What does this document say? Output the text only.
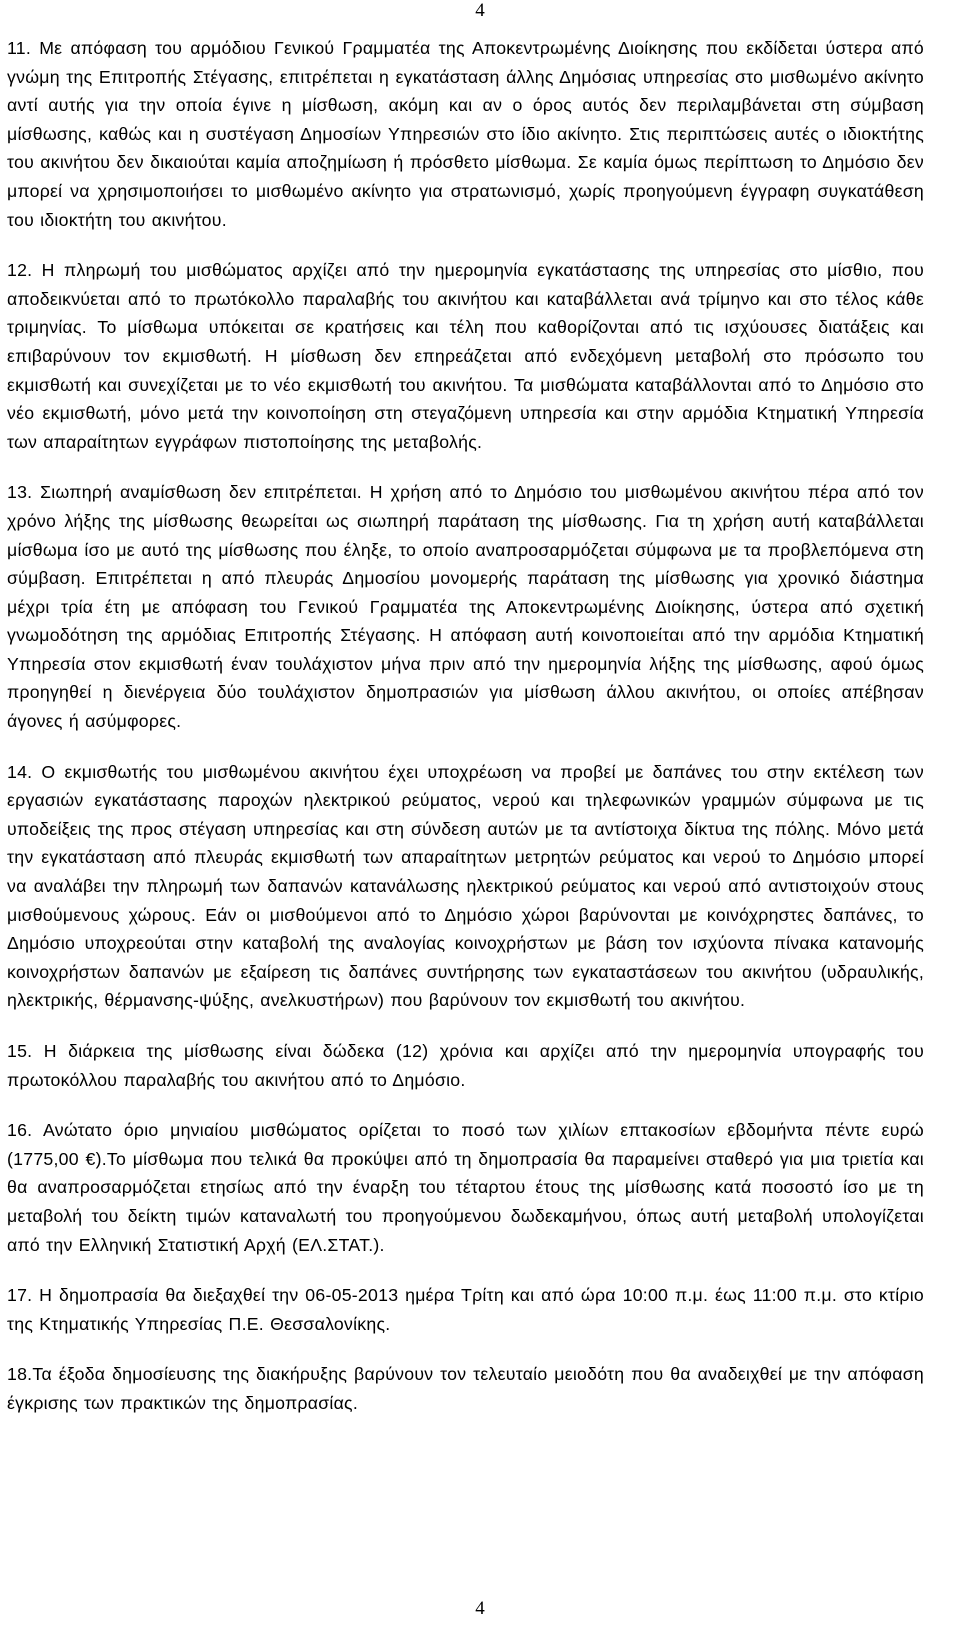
4

11. Με απόφαση του αρμόδιου Γενικού Γραμματέα της Αποκεντρωμένης Διοίκησης που εκδίδεται ύστερα από γνώμη της Επιτροπής Στέγασης, επιτρέπεται η εγκατάσταση άλλης Δημόσιας υπηρεσίας στο μισθωμένο ακίνητο αντί αυτής για την οποία έγινε η μίσθωση, ακόμη και αν ο όρος αυτός δεν περιλαμβάνεται στη σύμβαση μίσθωσης, καθώς και η συστέγαση Δημοσίων Υπηρεσιών στο ίδιο ακίνητο. Στις περιπτώσεις αυτές ο ιδιοκτήτης του ακινήτου δεν δικαιούται καμία αποζημίωση ή πρόσθετο μίσθωμα. Σε καμία όμως περίπτωση το Δημόσιο δεν μπορεί να χρησιμοποιήσει το μισθωμένο ακίνητο για στρατωνισμό, χωρίς προηγούμενη έγγραφη συγκατάθεση του ιδιοκτήτη του ακινήτου.

12. Η πληρωμή του μισθώματος αρχίζει από την ημερομηνία εγκατάστασης της υπηρεσίας στο μίσθιο, που αποδεικνύεται από το πρωτόκολλο παραλαβής του ακινήτου και καταβάλλεται ανά τρίμηνο και στο τέλος κάθε τριμηνίας. Το μίσθωμα υπόκειται σε κρατήσεις και τέλη που καθορίζονται από τις ισχύουσες διατάξεις και επιβαρύνουν τον εκμισθωτή. Η μίσθωση δεν επηρεάζεται από ενδεχόμενη μεταβολή στο πρόσωπο του εκμισθωτή και συνεχίζεται με το νέο εκμισθωτή του ακινήτου. Τα μισθώματα καταβάλλονται από το Δημόσιο στο νέο εκμισθωτή, μόνο μετά την κοινοποίηση στη στεγαζόμενη υπηρεσία και στην αρμόδια Κτηματική Υπηρεσία των απαραίτητων εγγράφων πιστοποίησης της μεταβολής.

13. Σιωπηρή αναμίσθωση δεν επιτρέπεται. Η χρήση από το Δημόσιο του μισθωμένου ακινήτου πέρα από τον χρόνο λήξης της μίσθωσης θεωρείται ως σιωπηρή παράταση της μίσθωσης. Για τη χρήση αυτή καταβάλλεται μίσθωμα ίσο με αυτό της μίσθωσης που έληξε, το οποίο αναπροσαρμόζεται σύμφωνα με τα προβλεπόμενα στη σύμβαση. Επιτρέπεται η από πλευράς Δημοσίου μονομερής παράταση της μίσθωσης για χρονικό διάστημα μέχρι τρία έτη με απόφαση του Γενικού Γραμματέα της Αποκεντρωμένης Διοίκησης, ύστερα από σχετική γνωμοδότηση της αρμόδιας Επιτροπής Στέγασης. Η απόφαση αυτή κοινοποιείται από την αρμόδια Κτηματική Υπηρεσία στον εκμισθωτή έναν τουλάχιστον μήνα πριν από την ημερομηνία λήξης της μίσθωσης, αφού όμως προηγηθεί η διενέργεια δύο τουλάχιστον δημοπρασιών για μίσθωση άλλου ακινήτου, οι οποίες απέβησαν άγονες ή ασύμφορες.

14. Ο εκμισθωτής του μισθωμένου ακινήτου έχει υποχρέωση να προβεί με δαπάνες του στην εκτέλεση των εργασιών εγκατάστασης παροχών ηλεκτρικού ρεύματος, νερού και τηλεφωνικών γραμμών σύμφωνα με τις υποδείξεις της προς στέγαση υπηρεσίας και στη σύνδεση αυτών με τα αντίστοιχα δίκτυα της πόλης. Μόνο μετά την εγκατάσταση από πλευράς εκμισθωτή των απαραίτητων μετρητών ρεύματος και νερού το Δημόσιο μπορεί να αναλάβει την πληρωμή των δαπανών κατανάλωσης ηλεκτρικού ρεύματος και νερού από αντιστοιχούν στους μισθούμενους χώρους. Εάν οι μισθούμενοι από το Δημόσιο χώροι βαρύνονται με κοινόχρηστες δαπάνες, το Δημόσιο υποχρεούται στην καταβολή της αναλογίας κοινοχρήστων με βάση τον ισχύοντα πίνακα κατανομής κοινοχρήστων δαπανών με εξαίρεση τις δαπάνες συντήρησης των εγκαταστάσεων του ακινήτου (υδραυλικής, ηλεκτρικής, θέρμανσης-ψύξης, ανελκυστήρων) που βαρύνουν τον εκμισθωτή του ακινήτου.

15. Η διάρκεια της μίσθωσης είναι δώδεκα (12) χρόνια και αρχίζει από την ημερομηνία υπογραφής του πρωτοκόλλου παραλαβής του ακινήτου από το Δημόσιο.

16. Ανώτατο όριο μηνιαίου μισθώματος ορίζεται το ποσό των χιλίων επτακοσίων εβδομήντα πέντε ευρώ (1775,00 €).Το μίσθωμα που τελικά θα προκύψει από τη δημοπρασία θα παραμείνει σταθερό για μια τριετία και θα αναπροσαρμόζεται ετησίως από την έναρξη του τέταρτου έτους της μίσθωσης κατά ποσοστό ίσο με τη μεταβολή του δείκτη τιμών καταναλωτή του προηγούμενου δωδεκαμήνου, όπως αυτή μεταβολή υπολογίζεται από την Ελληνική Στατιστική Αρχή (ΕΛ.ΣΤΑΤ.).

17. Η δημοπρασία θα διεξαχθεί την 06-05-2013 ημέρα Τρίτη και από ώρα 10:00 π.μ. έως 11:00 π.μ. στο κτίριο της Κτηματικής Υπηρεσίας Π.Ε. Θεσσαλονίκης.

18.Τα έξοδα δημοσίευσης της διακήρυξης βαρύνουν τον τελευταίο μειοδότη που θα αναδειχθεί με την απόφαση έγκρισης των πρακτικών της δημοπρασίας.

4
